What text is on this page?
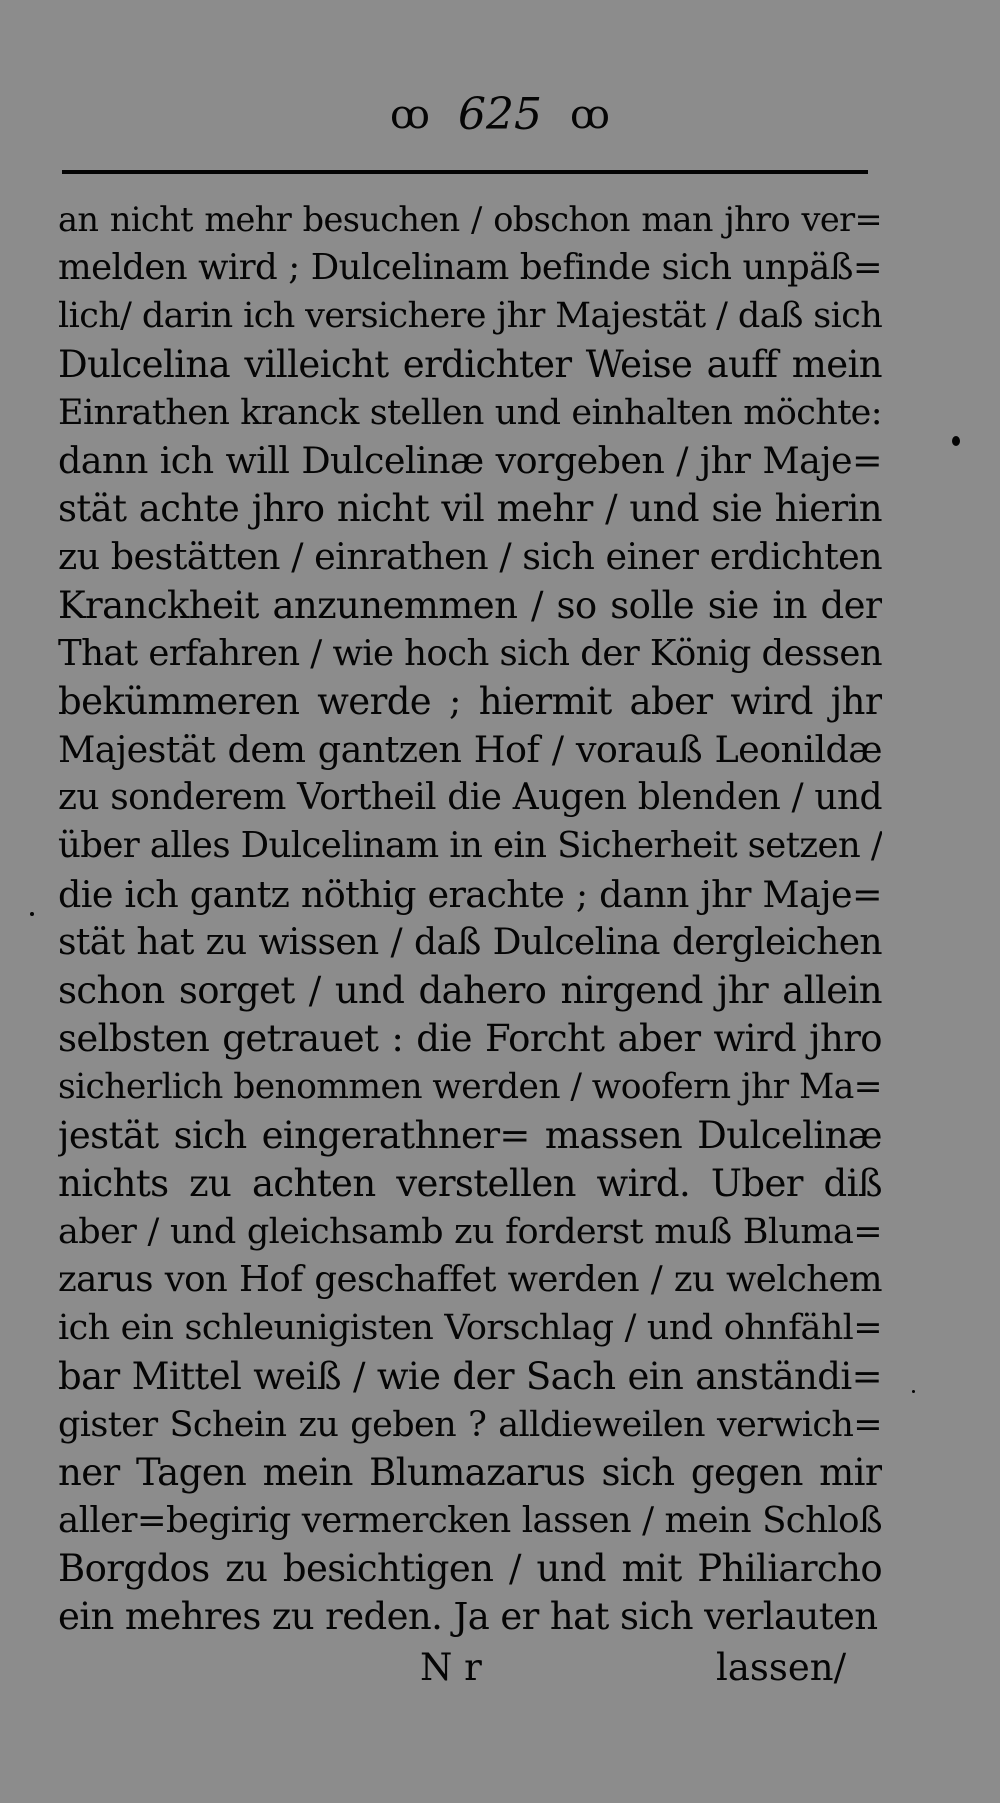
ꝏ 625 ꝏ
an nicht mehr besuchen / obschon man jhro ver=
melden wird ; Dulcelinam befinde sich unpäß=
lich/ darin ich versichere jhr Majestät / daß sich
Dulcelina villeicht erdichter Weise auff mein
Einrathen kranck stellen und einhalten möchte:
dann ich will Dulcelinæ vorgeben / jhr Maje=
stät achte jhro nicht vil mehr / und sie hierin
zu bestätten / einrathen / sich einer erdichten
Kranckheit anzunemmen / so solle sie in der
That erfahren / wie hoch sich der König dessen
bekümmeren werde ; hiermit aber wird jhr
Majestät dem gantzen Hof / vorauß Leonildæ
zu sonderem Vortheil die Augen blenden / und
über alles Dulcelinam in ein Sicherheit setzen /
die ich gantz nöthig erachte ; dann jhr Maje=
stät hat zu wissen / daß Dulcelina dergleichen
schon sorget / und dahero nirgend jhr allein
selbsten getrauet : die Forcht aber wird jhro
sicherlich benommen werden / woofern jhr Ma=
jestät sich eingerathner= massen Dulcelinæ
nichts zu achten verstellen wird. Uber diß
aber / und gleichsamb zu forderst muß Bluma=
zarus von Hof geschaffet werden / zu welchem
ich ein schleunigisten Vorschlag / und ohnfähl=
bar Mittel weiß / wie der Sach ein anständi=
gister Schein zu geben ? alldieweilen verwich=
ner Tagen mein Blumazarus sich gegen mir
aller=begirig vermercken lassen / mein Schloß
Borgdos zu besichtigen / und mit Philiarcho
ein mehres zu reden. Ja er hat sich verlauten
N r	lassen/
